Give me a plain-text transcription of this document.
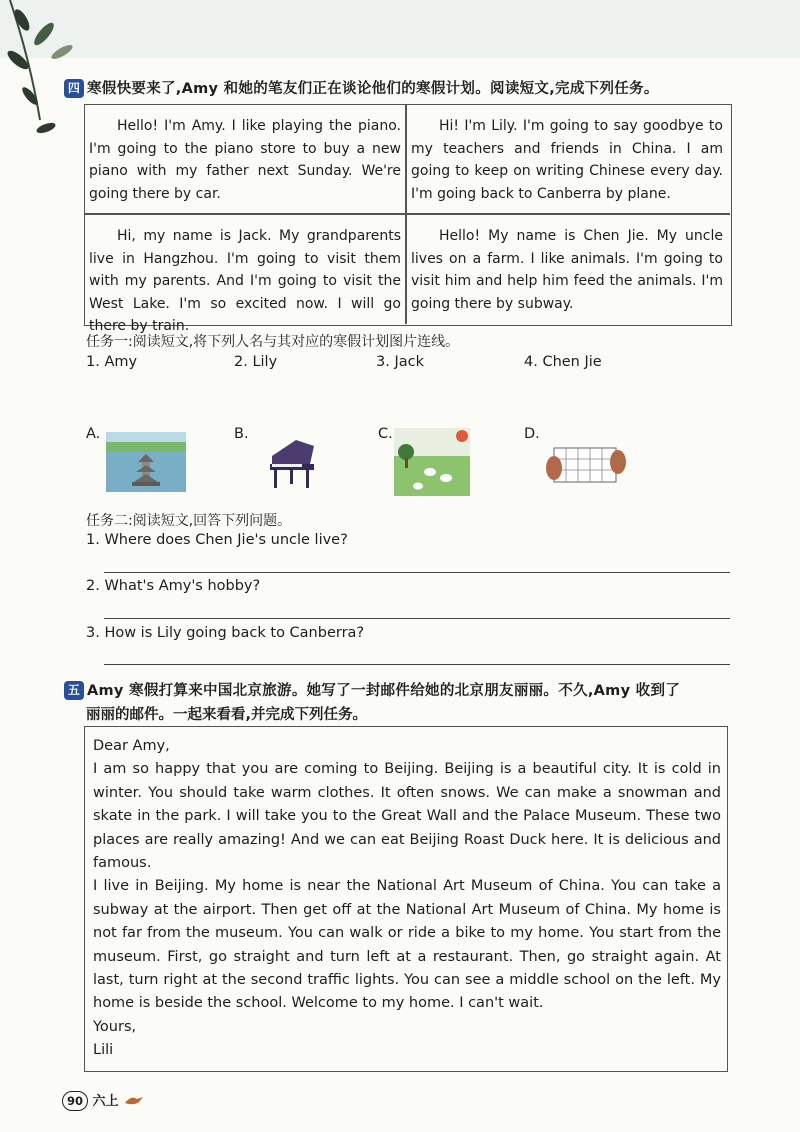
四 寒假快要来了,Amy 和她的笔友们正在谈论他们的寒假计划。阅读短文,完成下列任务。
Hello! I'm Amy. I like playing the piano. I'm going to the piano store to buy a new piano with my father next Sunday. We're going there by car.
Hi! I'm Lily. I'm going to say goodbye to my teachers and friends in China. I am going to keep on writing Chinese every day. I'm going back to Canberra by plane.
Hi, my name is Jack. My grandparents live in Hangzhou. I'm going to visit them with my parents. And I'm going to visit the West Lake. I'm so excited now. I will go there by train.
Hello! My name is Chen Jie. My uncle lives on a farm. I like animals. I'm going to visit him and help him feed the animals. I'm going there by subway.
任务一:阅读短文,将下列人名与其对应的寒假计划图片连线。
1. Amy	2. Lily	3. Jack	4. Chen Jie
A.	B.	C.	D.
任务二:阅读短文,回答下列问题。
1. Where does Chen Jie's uncle live?
2. What's Amy's hobby?
3. How is Lily going back to Canberra?
五 Amy 寒假打算来中国北京旅游。她写了一封邮件给她的北京朋友丽丽。不久,Amy 收到了
丽丽的邮件。一起来看看,并完成下列任务。
Dear Amy,
I am so happy that you are coming to Beijing. Beijing is a beautiful city. It is cold in winter. You should take warm clothes. It often snows. We can make a snowman and skate in the park. I will take you to the Great Wall and the Palace Museum. These two places are really amazing! And we can eat Beijing Roast Duck here. It is delicious and famous.
I live in Beijing. My home is near the National Art Museum of China. You can take a subway at the airport. Then get off at the National Art Museum of China. My home is not far from the museum. You can walk or ride a bike to my home. You start from the museum. First, go straight and turn left at a restaurant. Then, go straight again. At last, turn right at the second traffic lights. You can see a middle school on the left. My home is beside the school. Welcome to my home. I can't wait.
Yours,
Lili
90 六上
